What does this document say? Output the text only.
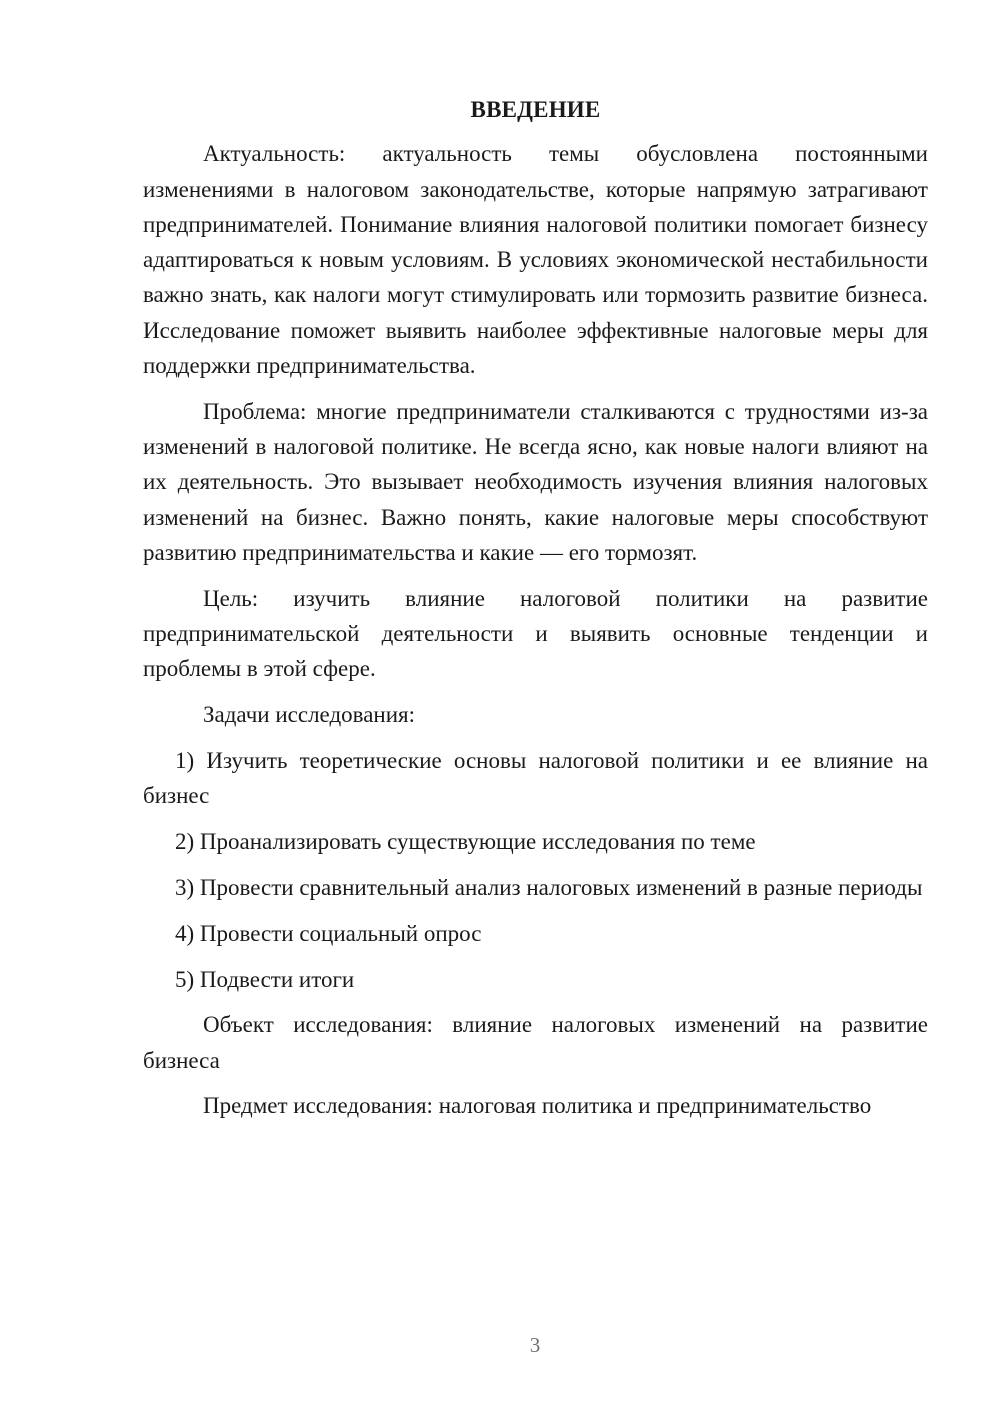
ВВЕДЕНИЕ

Актуальность: актуальность темы обусловлена постоянными изменениями в налоговом законодательстве, которые напрямую затрагивают предпринимателей. Понимание влияния налоговой политики помогает бизнесу адаптироваться к новым условиям. В условиях экономической нестабильности важно знать, как налоги могут стимулировать или тормозить развитие бизнеса. Исследование поможет выявить наиболее эффективные налоговые меры для поддержки предпринимательства.

Проблема: многие предприниматели сталкиваются с трудностями из-за изменений в налоговой политике. Не всегда ясно, как новые налоги влияют на их деятельность. Это вызывает необходимость изучения влияния налоговых изменений на бизнес. Важно понять, какие налоговые меры способствуют развитию предпринимательства и какие — его тормозят.

Цель: изучить влияние налоговой политики на развитие предпринимательской деятельности и выявить основные тенденции и проблемы в этой сфере.

Задачи исследования:

1) Изучить теоретические основы налоговой политики и ее влияние на бизнес

2) Проанализировать существующие исследования по теме

3) Провести сравнительный анализ налоговых изменений в разные периоды

4) Провести социальный опрос

5) Подвести итоги

Объект исследования: влияние налоговых изменений на развитие бизнеса

Предмет исследования: налоговая политика и предпринимательство

3
